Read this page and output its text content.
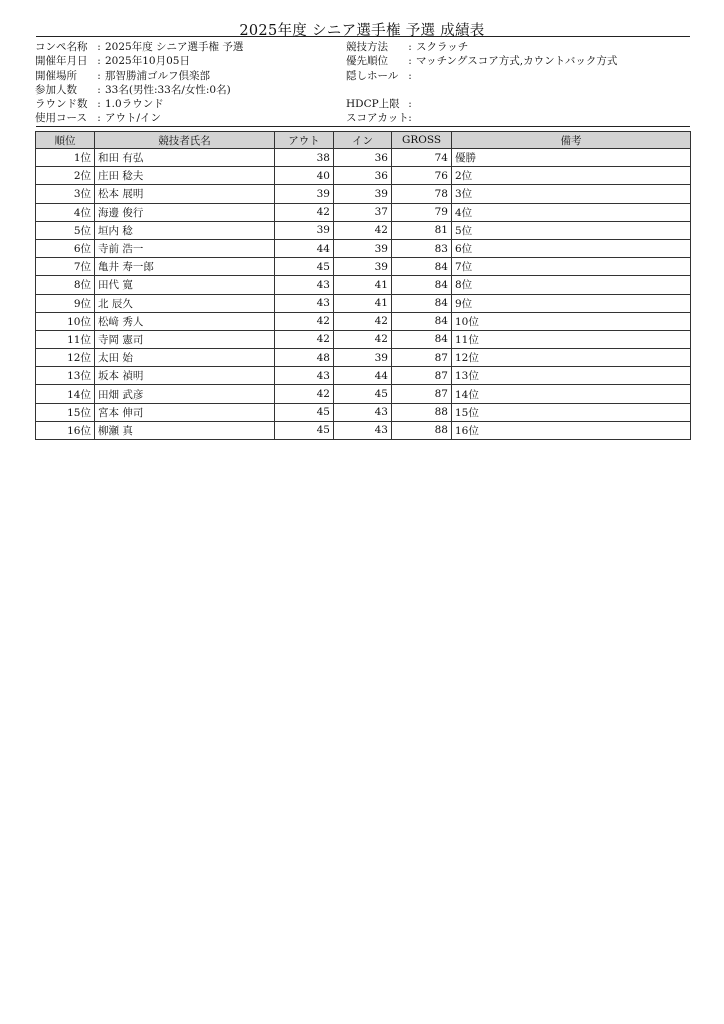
2025年度 シニア選手権 予選 成績表
コンペ名称 : 2025年度 シニア選手権 予選
開催年月日 : 2025年10月05日
開催場所	: 那智勝浦ゴルフ倶楽部
参加人数	: 33名(男性:33名/女性:0名)
ラウンド数 : 1.0ラウンド
使用コース : アウト/イン
競技方法	: スクラッチ
優先順位	: マッチングスコア方式,カウントバック方式
隠しホール :
HDCP上限 :
スコアカット :
順位	競技者氏名	アウト	イン	GROSS	備考
1位	和田 有弘	38	36	74	優勝
2位	庄田 稔夫	40	36	76	2位
3位	松本 展明	39	39	78	3位
4位	海邊 俊行	42	37	79	4位
5位	垣内 稔	39	42	81	5位
6位	寺前 浩一	44	39	83	6位
7位	亀井 寿一郎	45	39	84	7位
8位	田代 寛	43	41	84	8位
9位	北 辰久	43	41	84	9位
10位	松﨑 秀人	42	42	84	10位
11位	寺岡 憲司	42	42	84	11位
12位	太田 始	48	39	87	12位
13位	坂本 禎明	43	44	87	13位
14位	田畑 武彦	42	45	87	14位
15位	宮本 伸司	45	43	88	15位
16位	柳瀬 真	45	43	88	16位
